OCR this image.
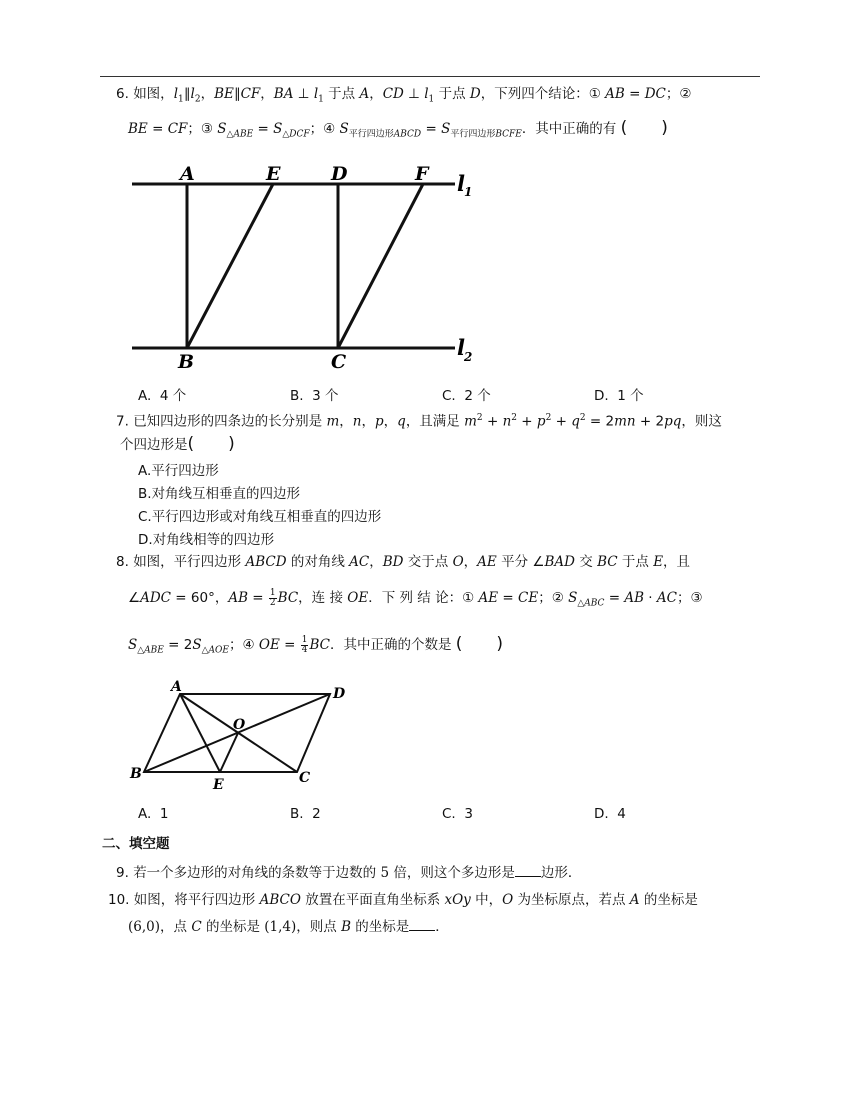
6. 如图，$l_1\parallel l_2$，BE∥CF，BA ⊥ $l_1$ 于点 A，CD ⊥ $l_1$ 于点 D，下列四个结论：① AB = DC；②
BE = CF；③ $S_{\triangle ABE} = S_{\triangle DCF}$；④ $S_{平行四边形ABCD} = S_{平行四边形BCFE}$．其中正确的有 (　　)
A	E	D	F l 1
B	C
l 2
A. 4 个	B. 3 个	C. 2 个	D. 1 个
7. 已知四边形的四条边的长分别是 m，n，p，q，且满足 $m^2 + n^2 + p^2 + q^2 = 2mn + 2pq$，则这
个四边形是(　　)
A.平行四边形
B.对角线互相垂直的四边形
C.平行四边形或对角线互相垂直的四边形
D.对角线相等的四边形
8. 如图，平行四边形 ABCD 的对角线 AC，BD 交于点 O，AE 平分 ∠BAD 交 BC 于点 E，且
∠ADC = 60°，AB = $\frac{1}{2}$ BC，连 接 OE．下 列 结 论：① AE = CE；② $S_{\triangle ABC}$ = AB · AC；③
$S_{\triangle ABE} = 2S_{\triangle AOE}$；④ OE = $\frac{1}{4}$ BC．其中正确的个数是 (　　)
A	D
O
B
E	C
A. 1	B. 2	C. 3	D. 4
二、填空题
9. 若一个多边形的对角线的条数等于边数的 5 倍，则这个多边形是 边形．
10. 如图，将平行四边形 ABCO 放置在平面直角坐标系 xOy 中，O 为坐标原点，若点 A 的坐标是
(6,0)，点 C 的坐标是 (1,4)，则点 B 的坐标是 ．
